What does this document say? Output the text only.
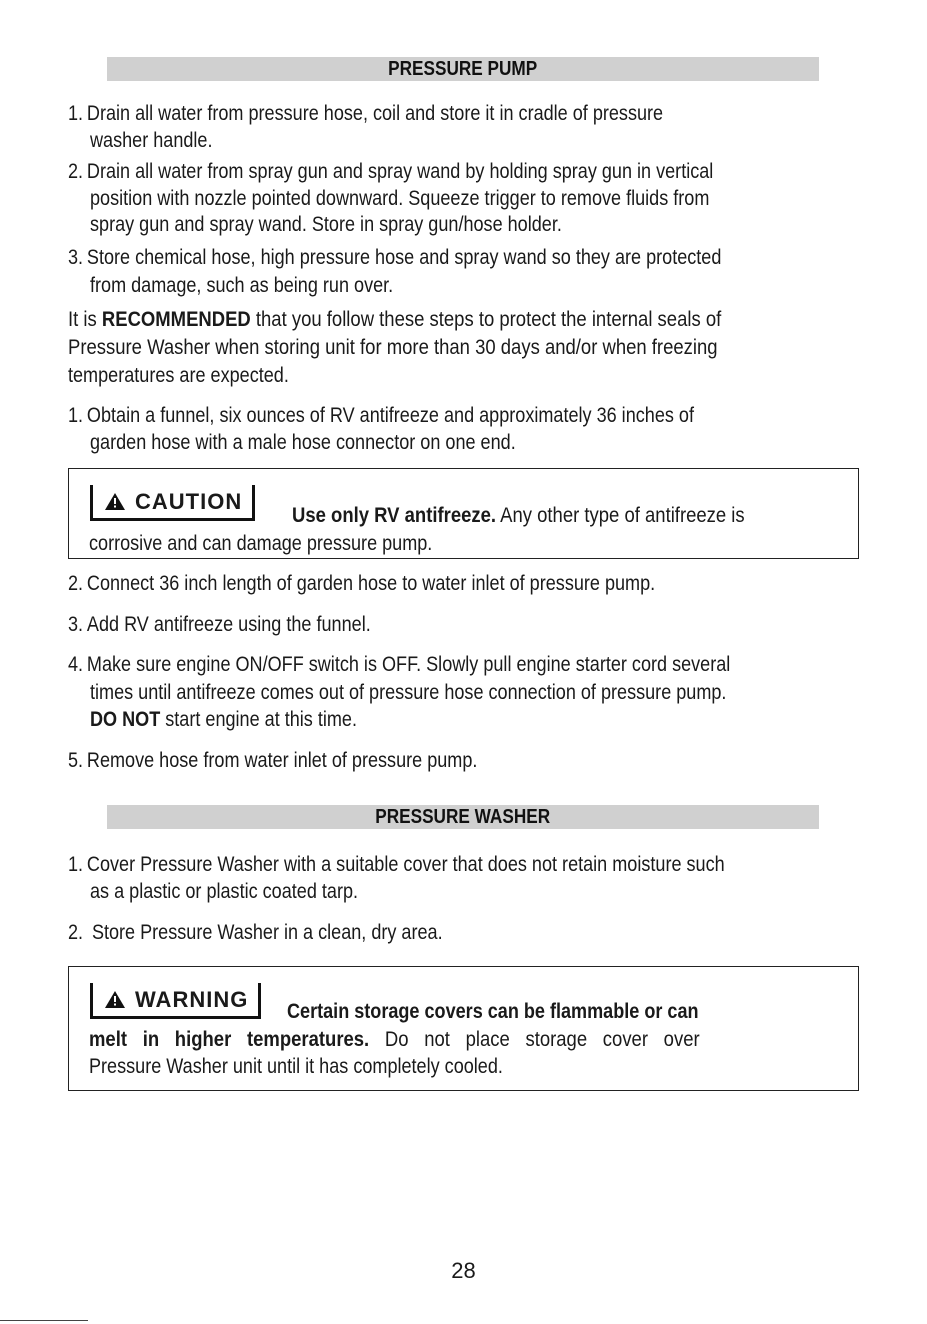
PRESSURE PUMP
1. Drain all water from pressure hose, coil and store it in cradle of pressure
washer handle.
2. Drain all water from spray gun and spray wand by holding spray gun in vertical
position with nozzle pointed downward. Squeeze trigger to remove fluids from
spray gun and spray wand. Store in spray gun/hose holder.
3. Store chemical hose, high pressure hose and spray wand so they are protected
from damage, such as being run over.
It is RECOMMENDED that you follow these steps to protect the internal seals of
Pressure Washer when storing unit for more than 30 days and/or when freezing
temperatures are expected.
1. Obtain a funnel, six ounces of RV antifreeze and approximately 36 inches of
garden hose with a male hose connector on one end.
CAUTION
Use only RV antifreeze. Any other type of antifreeze is
corrosive and can damage pressure pump.
2. Connect 36 inch length of garden hose to water inlet of pressure pump.
3. Add RV antifreeze using the funnel.
4. Make sure engine ON/OFF switch is OFF. Slowly pull engine starter cord several
times until antifreeze comes out of pressure hose connection of pressure pump.
DO NOT start engine at this time.
5. Remove hose from water inlet of pressure pump.
PRESSURE WASHER
1. Cover Pressure Washer with a suitable cover that does not retain moisture such
as a plastic or plastic coated tarp.
2. Store Pressure Washer in a clean, dry area.
WARNING Certain storage covers can be flammable or can
melt in higher temperatures. Do not place storage cover over
Pressure Washer unit until it has completely cooled.
28
